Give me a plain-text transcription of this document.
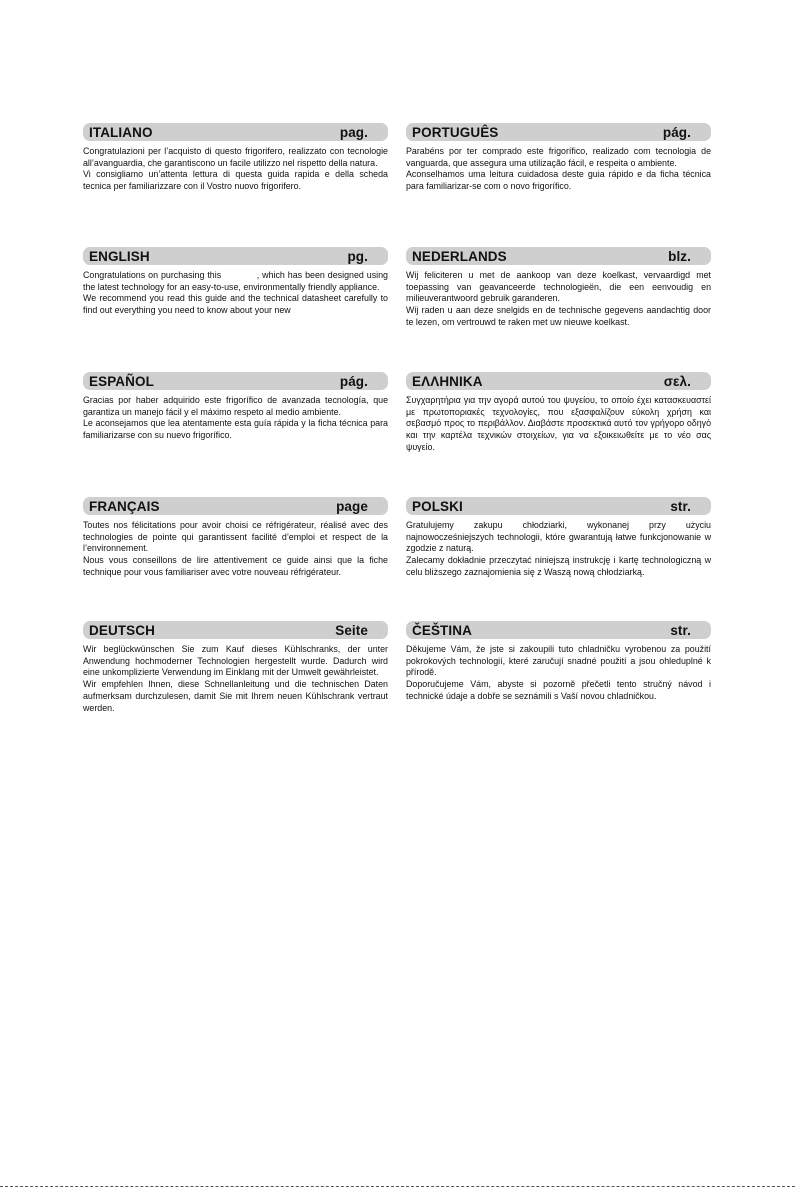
ITALIANO	pag.

Congratulazioni per l’acquisto di questo frigorifero, realizzato con tecnologie all’avanguardia, che garantiscono un facile utilizzo nel rispetto della natura.

Vi consigliamo un’attenta lettura di questa guida rapida e della scheda tecnica per familiarizzare con il Vostro nuovo frigorifero.

PORTUGUÊS	pág.

Parabéns por ter comprado este frigorífico, realizado com tecnologia de vanguarda, que assegura uma utilização fácil, e respeita o ambiente.

Aconselhamos uma leitura cuidadosa deste guia rápido e da ficha técnica para familiarizar-se com o novo frigorífico.

ENGLISH	pg.

Congratulations on purchasing this            , which has been designed using the latest technology for an easy-to-use, environmentally friendly appliance.

We recommend you read this guide and the technical datasheet carefully to find out everything you need to know about your new

NEDERLANDS	blz.

Wij feliciteren u met de aankoop van deze koelkast, vervaardigd met toepassing van geavanceerde technologieën, die een eenvoudig en milieuverantwoord gebruik garanderen.

Wij raden u aan deze snelgids en de technische gegevens aandachtig door te lezen, om vertrouwd te raken met uw nieuwe koelkast.

ESPAÑOL	pág.

Gracias por haber adquirido este frigorífico de avanzada tecnología, que garantiza un manejo fácil y el máximo respeto al medio ambiente.

Le aconsejamos que lea atentamente esta guía rápida y la ficha técnica para familiarizarse con su nuevo frigorífico.

ΕΛΛΗΝΙΚΑ	σελ.

Συγχαρητήρια για την αγορά αυτού του ψυγείου, το οποίο έχει κατασκευαστεί με πρωτοποριακές τεχνολογίες, που εξασφαλίζουν εύκολη χρήση και σεβασμό προς το περιβάλλον. Διαβάστε προσεκτικά αυτό τον γρήγορο οδηγό και την καρτέλα τεχνικών στοιχείων, για να εξοικειωθείτε με το νέο σας ψυγείο.

FRANÇAIS	page

Toutes nos félicitations pour avoir choisi ce réfrigérateur, réalisé avec des technologies de pointe qui garantissent facilité d’emploi et respect de la l’environnement.

Nous vous conseillons de lire attentivement ce guide ainsi que la fiche technique pour vous familiariser avec votre nouveau réfrigérateur.

POLSKI	str.

Gratulujemy zakupu chłodziarki, wykonanej przy użyciu najnowocześniejszych technologii, które gwarantują łatwe funkcjonowanie w zgodzie z naturą.

Zalecamy dokładnie przeczytać niniejszą instrukcję i kartę technologiczną w celu bliższego zaznajomienia się z Waszą nową chłodziarką.

DEUTSCH	Seite

Wir beglückwünschen Sie zum Kauf dieses Kühlschranks, der unter Anwendung hochmoderner Technologien hergestellt wurde. Dadurch wird eine unkomplizierte Verwendung im Einklang mit der Umwelt gewährleistet.

Wir empfehlen Ihnen, diese Schnellanleitung und die technischen Daten aufmerksam durchzulesen, damit Sie mit Ihrem neuen Kühlschrank vertraut werden.

ČEŠTINA	str.

Děkujeme Vám, že jste si zakoupili tuto chladničku vyrobenou za použití pokrokových technologií, které zaručují snadné použití a jsou ohleduplné k přírodě.

Doporučujeme Vám, abyste si pozorně přečetli tento stručný návod i technické údaje a dobře se seznámili s Vaší novou chladničkou.
